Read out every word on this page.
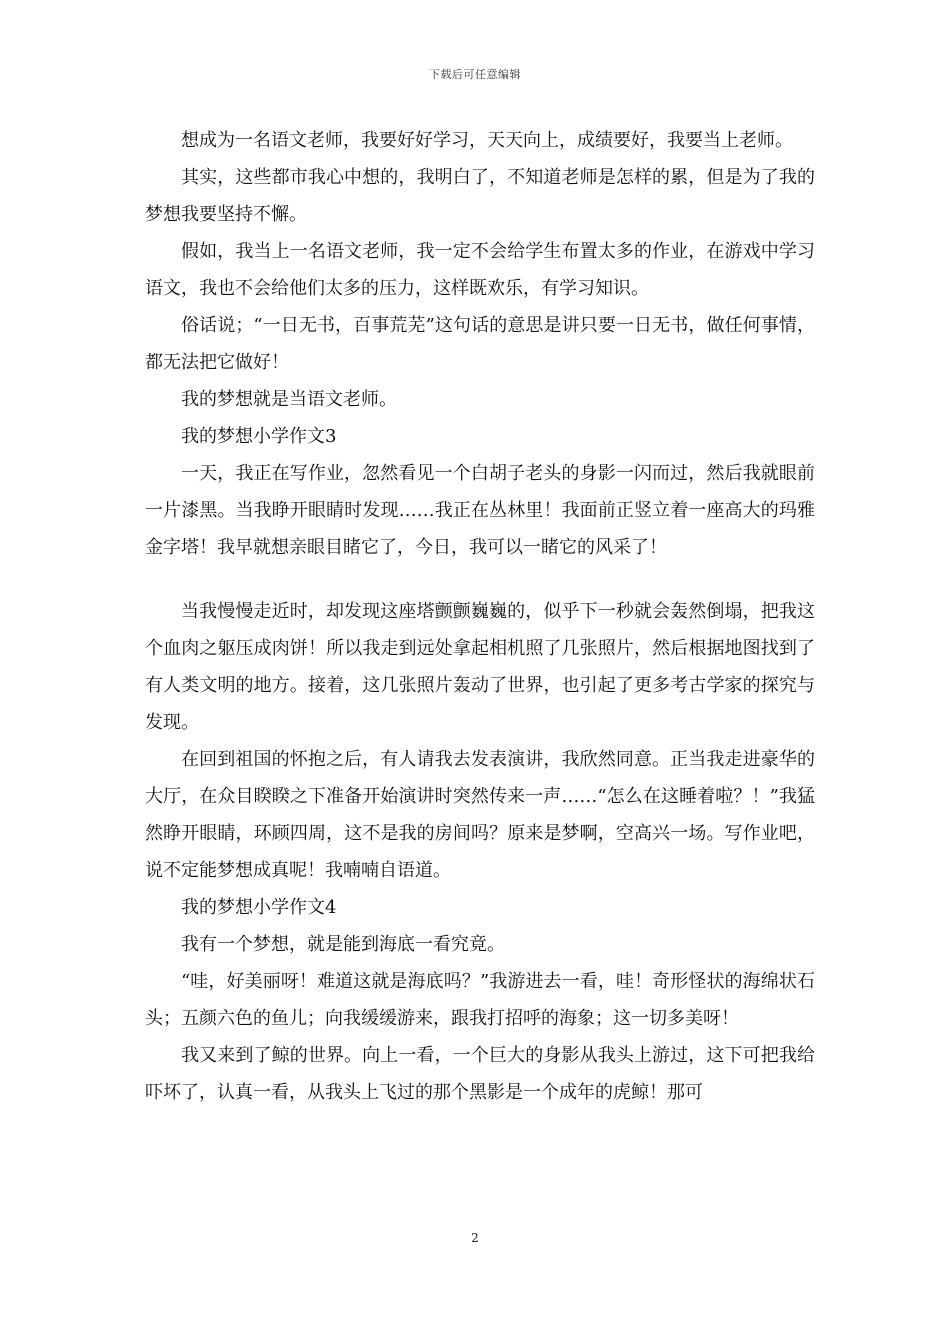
下载后可任意编辑

想成为一名语文老师，我要好好学习，天天向上，成绩要好，我要当上老师。

其实，这些都市我心中想的，我明白了，不知道老师是怎样的累，但是为了我的梦想我要坚持不懈。

假如，我当上一名语文老师，我一定不会给学生布置太多的作业，在游戏中学习语文，我也不会给他们太多的压力，这样既欢乐，有学习知识。

俗话说；“一日无书，百事荒芜”这句话的意思是讲只要一日无书，做任何事情，都无法把它做好！

我的梦想就是当语文老师。

我的梦想小学作文3

一天，我正在写作业，忽然看见一个白胡子老头的身影一闪而过，然后我就眼前一片漆黑。当我睁开眼睛时发现……我正在丛林里！我面前正竖立着一座高大的玛雅金字塔！我早就想亲眼目睹它了，今日，我可以一睹它的风采了！

当我慢慢走近时，却发现这座塔颤颤巍巍的，似乎下一秒就会轰然倒塌，把我这个血肉之躯压成肉饼！所以我走到远处拿起相机照了几张照片，然后根据地图找到了有人类文明的地方。接着，这几张照片轰动了世界，也引起了更多考古学家的探究与发现。

在回到祖国的怀抱之后，有人请我去发表演讲，我欣然同意。正当我走进豪华的大厅，在众目睽睽之下准备开始演讲时突然传来一声……“怎么在这睡着啦？！”我猛然睁开眼睛，环顾四周，这不是我的房间吗？原来是梦啊，空高兴一场。写作业吧，说不定能梦想成真呢！我喃喃自语道。

我的梦想小学作文4

我有一个梦想，就是能到海底一看究竟。

“哇，好美丽呀！难道这就是海底吗？”我游进去一看，哇！奇形怪状的海绵状石头；五颜六色的鱼儿；向我缓缓游来，跟我打招呼的海象；这一切多美呀！

我又来到了鲸的世界。向上一看，一个巨大的身影从我头上游过，这下可把我给吓坏了，认真一看，从我头上飞过的那个黑影是一个成年的虎鲸！那可

2
